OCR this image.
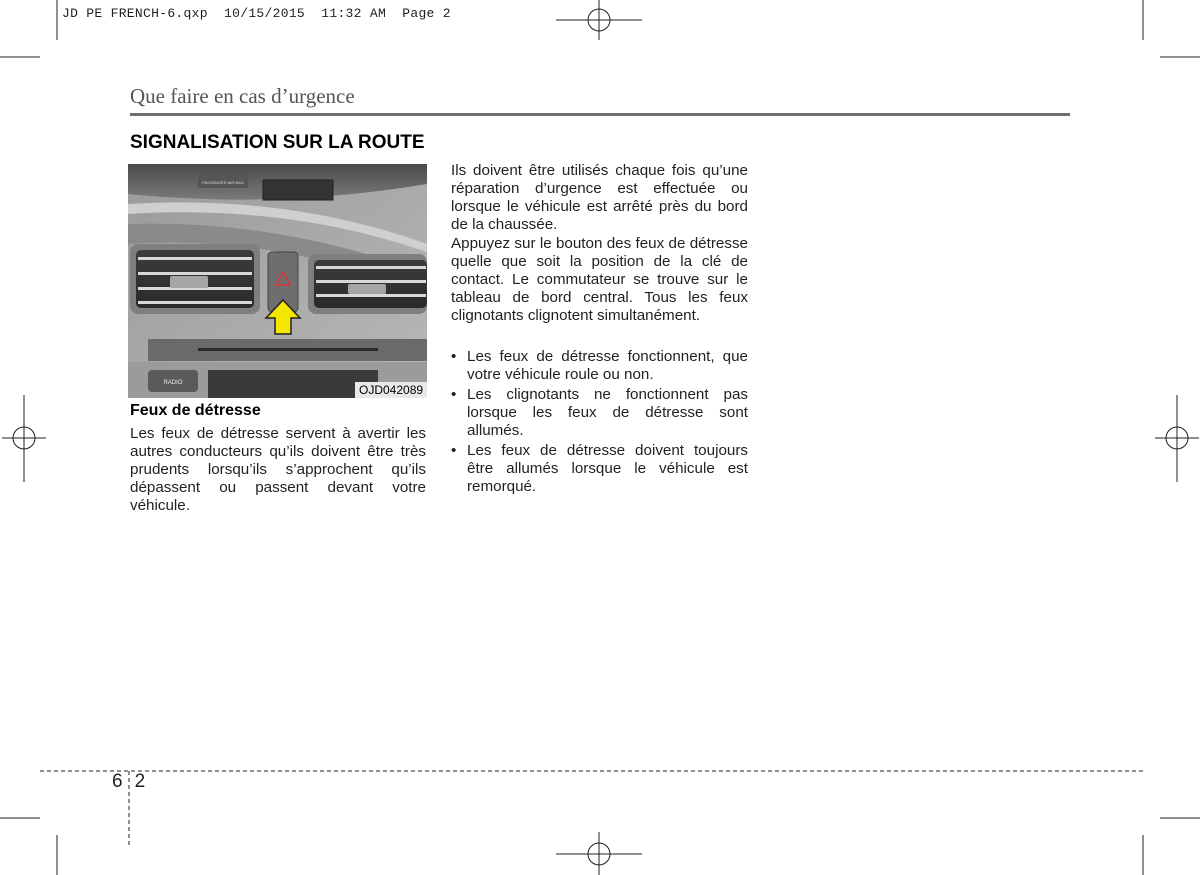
JD PE FRENCH-6.qxp  10/15/2015  11:32 AM  Page 2
Que faire en cas d’urgence
SIGNALISATION SUR LA ROUTE
PASSENGER AIR BAG
RADIO	OJD042089
Feux de détresse
Les feux de détresse servent à avertir les autres conducteurs qu’ils doivent être très prudents lorsqu’ils s’approchent qu’ils dépassent ou passent devant votre véhicule.
Ils doivent être utilisés chaque fois qu’une réparation d’urgence est effectuée ou lorsque le véhicule est arrêté près du bord de la chaussée.
Appuyez sur le bouton des feux de détresse quelle que soit la position de la clé de contact. Le commutateur se trouve sur le tableau de bord central. Tous les feux clignotants clignotent simultanément.
• Les feux de détresse fonctionnent, que votre véhicule roule ou non.
• Les clignotants ne fonctionnent pas lorsque les feux de détresse sont allumés.
• Les feux de détresse doivent toujours être allumés lorsque le véhicule est remorqué.
6 2
